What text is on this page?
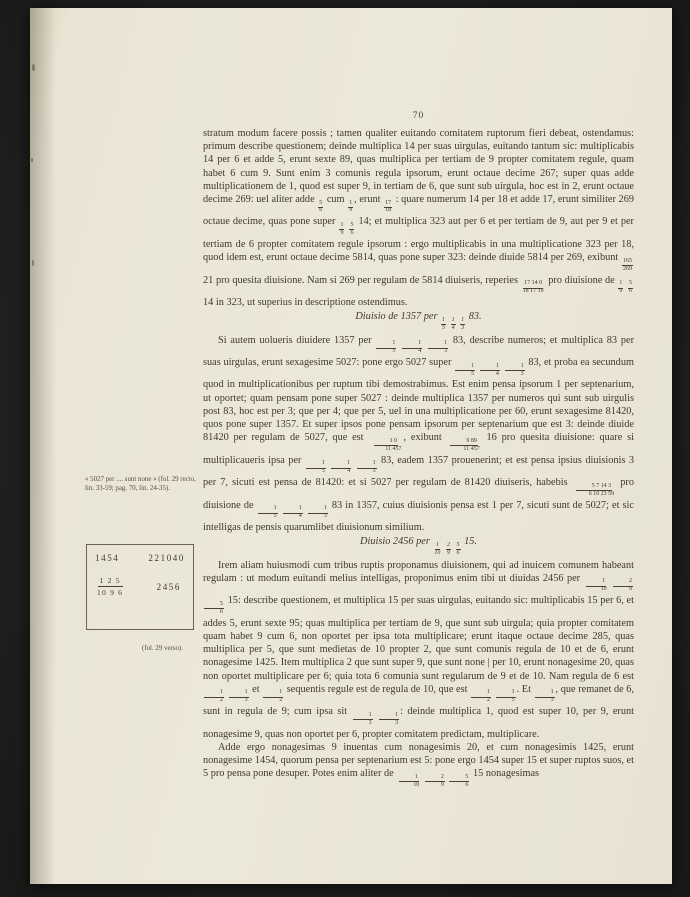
70
« 5027 per .... sunt none » (fol. 29 recto, lin. 33-59; pag. 70, lin. 24-35).
1454	221040
$\frac{1 2 5}{10 9 6}$	2456
(fol. 29 verso).

stratum modum facere possis ; tamen qualiter euitando comitatem ruptorum fieri debeat, ostendamus: primum describe questionem; deinde multiplica 14 per suas uirgulas, euitando tantum sic: multiplicabis 14 per 6 et adde 5, erunt sexte 89, quas multiplica per tertiam de 9 propter comitatem regule, quam habet 6 cum 9. Sunt enim 3 comunis regula ipsorum, erunt octaue decime 267; super quas adde multiplicationem de 1, quod est super 9, in tertiam de 6, que sunt sub uirgula, hoc est in 2, erunt octaue decime 269: uel aliter adde
$\frac{5}{6}$
cum
$\frac{1}{9}$
, erunt
$\frac{17}{18}$
: quare numerum 14 per 18 et adde 17, erunt similiter 269 octaue decime, quas pone super
$\frac{1}{9}$
$\frac{5}{6}$
14; et multiplica 323 aut per 6 et per tertiam de 9, aut per 9 et per tertiam de 6 propter comitatem regule ipsorum : ergo multiplicabis in una multiplicatione 323 per 18, quod idem est, erunt octaue decime 5814, quas pone super 323: deinde diuide 5814 per 269, exibunt
$\frac{165}{269}$
21 pro quesita diuisione. Nam si 269 per regulam de 5814 diuiseris, reperies
$\frac{17 14 0}{18 17 19}$
pro diuisione de
$\frac{1}{9}$
$\frac{5}{6}$
14 in 323, ut superius in descriptione ostendimus.

Diuisio de 1357 per
$\frac{1}{5}$
$\frac{1}{4}$
$\frac{1}{3}$
83.

Si autem uolueris diuidere 1357 per
$\frac{1}{5}$
$\frac{1}{4}$
$\frac{1}{3}$
83, describe numeros; et multiplica 83 per suas uirgulas, erunt sexagesime 5027: pone ergo 5027 super
$\frac{1}{5}$
$\frac{1}{4}$
$\frac{1}{3}$
83, et proba ea secundum quod in multiplicationibus per ruptum tibi demostrabimus. Est enim pensa ipsorum 1 per septenarium, ut oportet; quam pensam pone super 5027 : deinde multiplica 1357 per numeros qui sunt sub uirgulis post 83, hoc est per 3; que per 4; que per 5, uel in una multiplicatione per 60, erunt sexagesime 81420, quos pone super 1357. Et super ipsos pone pensam ipsorum per septenarium que est 3: deinde diuide 81420 per regulam de 5027, que est
$\frac{1 0}{11 457}$
, exibunt
$\frac{9 89}{11 457}$
16 pro quesita diuisione: quare si multiplicaueris ipsa per
$\frac{1}{5}$
$\frac{1}{4}$
$\frac{1}{3}$
83, eadem 1357 prouenerint; et est pensa ipsius diuisionis 3 per 7, sicuti est pensa de 81420: et si 5027 per regulam de 81420 diuiseris, habebis
$\frac{5 7 14 3}{6 10 23 59}$
pro diuisione de
$\frac{1}{5}$
$\frac{1}{4}$
$\frac{1}{3}$
83 in 1357, cuius diuisionis pensa est 1 per 7, sicuti sunt de 5027; et sic intelligas de pensis quarumlibet diuisionum similium.

Diuisio 2456 per
$\frac{1}{10}$
$\frac{2}{9}$
$\frac{5}{6}$
15.

Irem aliam huiusmodi cum tribus ruptis proponamus diuisionem, qui ad inuicem comunem habeant regulam : ut modum euitandi melius intelligas, proponimus enim tibi ut diuidas 2456 per
$\frac{1}{10}$
$\frac{2}{9}$

$\frac{5}{6}$
15: describe questionem, et multiplica 15 per suas uirgulas, euitando sic: multiplicabis 15 per 6, et addes 5, erunt sexte 95; quas multiplica per tertiam de 9, que sunt sub uirgula; quia propter comitatem quam habet 9 cum 6, non oportet per ipsa tota multiplicare; erunt itaque octaue decime 285, quas multiplica per 5, que sunt medietas de 10 propter 2, que sunt comunis regula de 10 et de 6, erunt nonagesime 1425. Item multiplica 2 que sunt super 9, que sunt none | per 10, erunt nonagesime 20, quas non oportet multiplicare per 6; quia tota 6 comunia sunt regularum de 9 et de 10. Nam regula de 6 est
$\frac{1}{2}$
$\frac{1}{3}$
et
$\frac{1}{2}$
sequentis regule est de regula de 10, que est
$\frac{1}{2}$
$\frac{1}{5}$
. Et
$\frac{1}{3}$
, que remanet de 6, sunt in regula de 9; cum ipsa sit
$\frac{1}{3}$
$\frac{1}{3}$
: deinde multiplica 1, quod est super 10, per 9, erunt nonagesime 9, quas non oportet per 6, propter comitatem predictam, multiplicare.

Adde ergo nonagesimas 9 inuentas cum nonagesimis 20, et cum nonagesimis 1425, erunt nonagesime 1454, quorum pensa per septenarium est 5: pone ergo 1454 super 15 et super ruptos suos, et 5 pro pensa pone desuper. Potes enim aliter de
$\frac{1}{10}$
$\frac{2}{9}$
$\frac{5}{6}$
15 nonagesimas
